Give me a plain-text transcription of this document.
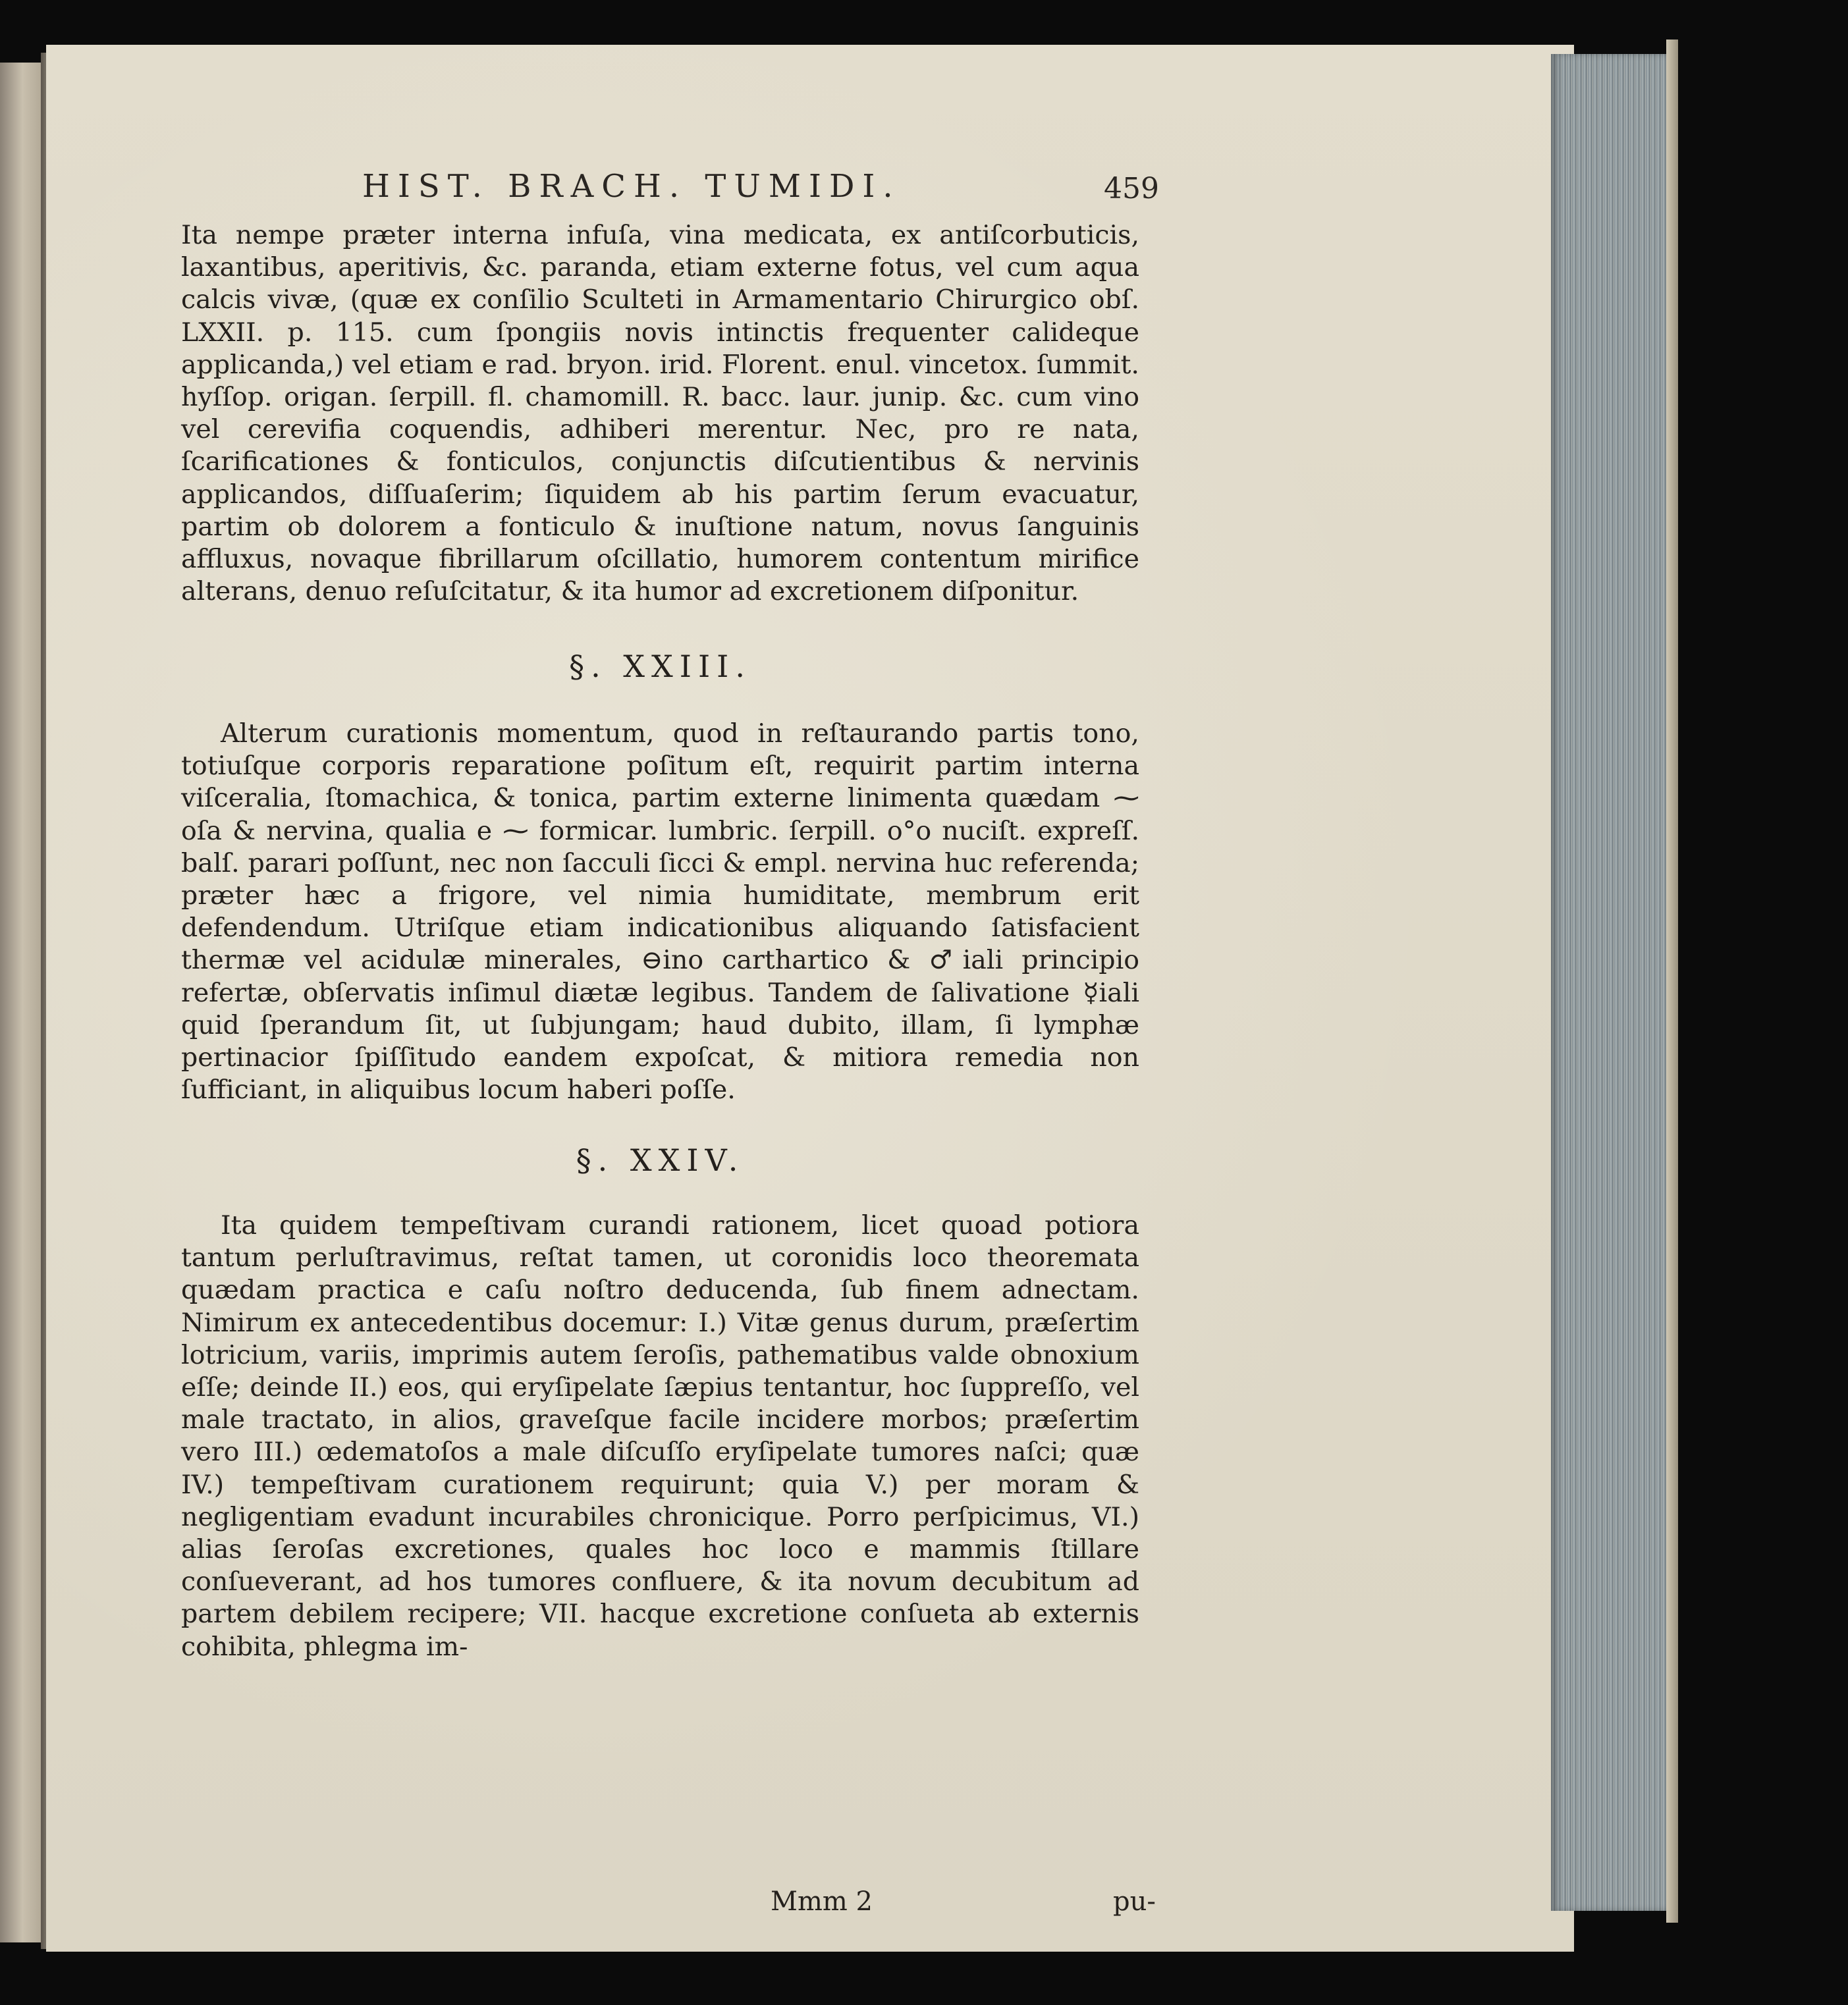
HIST. BRACH. TUMIDI.	459

Ita nempe præter interna infuſa, vina medicata, ex antiſcorbuticis, laxantibus, aperitivis, &c. paranda, etiam externe fotus, vel cum aqua calcis vivæ, (quæ ex conſilio Sculteti in Armamentario Chirurgico obſ. LXXII. p. 115. cum ſpongiis novis intinctis frequenter calideque applicanda,) vel etiam e rad. bryon. irid. Florent. enul. vincetox. ſummit. hyſſop. origan. ſerpill. fl. chamomill. R. bacc. laur. junip. &c. cum vino vel cerevifia coquendis, adhiberi merentur. Nec, pro re nata, ſcarificationes & fonticulos, conjunctis diſcutientibus & nervinis applicandos, diſſuaſerim; ſiquidem ab his partim ſerum evacuatur, partim ob dolorem a fonticulo & inuſtione natum, novus ſanguinis affluxus, novaque fibrillarum oſcillatio, humorem contentum mirifice alterans, denuo reſuſcitatur, & ita humor ad excretionem diſponitur.

§. XXIII.

Alterum curationis momentum, quod in reſtaurando partis tono, totiuſque corporis reparatione poſitum eſt, requirit partim interna viſceralia, ſtomachica, & tonica, partim externe linimenta quædam ⁓ oſa & nervina, qualia e ⁓ formicar. lumbric. ſerpill. o°o nuciſt. expreſſ. balſ. parari poſſunt, nec non ſacculi ſicci & empl. nervina huc referenda; præter hæc a frigore, vel nimia humiditate, membrum erit defendendum. Utriſque etiam indicationibus aliquando ſatisfacient thermæ vel acidulæ minerales, ⊖ino carthartico & ♂iali principio refertæ, obſervatis inſimul diætæ legibus. Tandem de ſalivatione ☿iali quid ſperandum ſit, ut ſubjungam; haud dubito, illam, ſi lymphæ pertinacior ſpiſſitudo eandem expoſcat, & mitiora remedia non ſufficiant, in aliquibus locum haberi poſſe.

§. XXIV.

Ita quidem tempeſtivam curandi rationem, licet quoad potiora tantum perluſtravimus, reſtat tamen, ut coronidis loco theoremata quædam practica e caſu noſtro deducenda, ſub finem adnectam. Nimirum ex antecedentibus docemur: I.) Vitæ genus durum, præſertim lotricium, variis, imprimis autem ſeroſis, pathematibus valde obnoxium eſſe; deinde II.) eos, qui eryſipelate ſæpius tentantur, hoc ſuppreſſo, vel male tractato, in alios, graveſque facile incidere morbos; præſertim vero III.) œdematoſos a male diſcuſſo eryſipelate tumores naſci; quæ IV.) tempeſtivam curationem requirunt; quia V.) per moram & negligentiam evadunt incurabiles chronicique. Porro perſpicimus, VI.) alias ſeroſas excretiones, quales hoc loco e mammis ſtillare conſueverant, ad hos tumores confluere, & ita novum decubitum ad partem debilem recipere; VII. hacque excretione conſueta ab externis cohibita, phlegma im-

Mmm 2	pu-
